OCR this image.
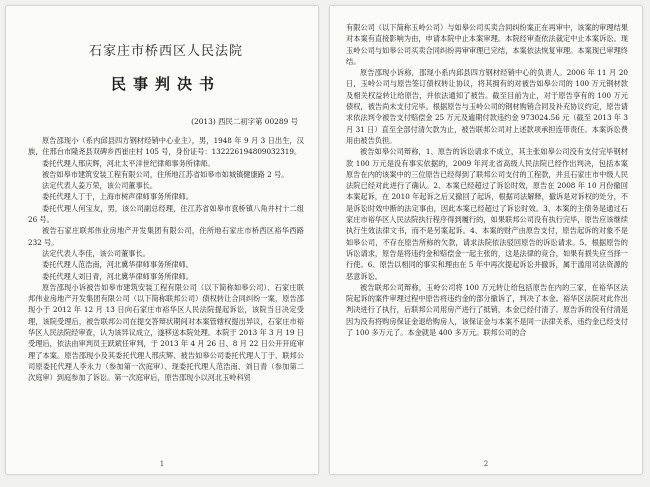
石家庄市桥西区人民法院
民事判决书
(2013) 西民二初字第 00289 号

原告邵现小（系内邱县四方钢材经销中心业主），男，1948 年 9 月 3 日出生，汉族，住邢台市隆尧县双碑乡西崔庄村 105 号，身份证号：132226194809032319。

委托代理人邢庆辉，河北太平洋世纪律师事务所律师。

被告如皋市建筑安装工程有限公司，住所地江苏省如皋市如城镇健康路 2 号。

法定代表人姜万荣，该公司董事长。

委托代理人丁于，上海市树声律师事务所律师。

委托代理人何宝友，男，该公司副总经理，住江苏省如皋市袁桥镇八角井村十二组 26 号。

被告石家庄联邦伟业房地产开发集团有限公司，住所地石家庄市桥西区裕华西路 232 号。

法定代表人李佳，该公司董事长。

委托代理人范浩南，河北冀华律师事务所律师。

委托代理人刘日青，河北冀华律师事务所律师。

原告邵现小诉被告如皋市建筑安装工程有限公司（以下简称如皋公司）、石家庄联邦伟业房地产开发集团有限公司（以下简称联邦公司）债权转让合同纠纷一案，原告邵现小于 2012 年 12 月 13 日向石家庄市裕华区人民法院提起诉讼，该院当日决定受理，该院受理后，被告联邦公司在提交答辩状期间对本案管辖权提出异议，石家庄市裕华区人民法院经审查，认为该异议成立，遂移送本院处理。本院于 2013 年 3 月 19 日受理后，依法由审判员王跃斌任审判，于 2013 年 4 月 26 日、8 月 22 日公开开庭审理了本案。原告邵现小及其委托代理人邢庆辉、被告如皋公司委托代理人丁于、联邦公司原委托代理人李永力（参加第一次庭审）、现委托代理人范浩南、刘日青（参加第二次庭审）到庭参加了诉讼。第一次庭审后，原告邵现小以河北玉岭科贸

1

有限公司（以下简称玉岭公司）与如皋公司买卖合同纠纷案正在再审中，该案的审理结果对本案有直接影响为由，申请本院中止本案审理。本院经审查依法裁定中止本案诉讼。现玉岭公司与如皋公司买卖合同纠纷再审审理已完结，本案依法恢复审理。本案现已审理终结。

原告邵现小诉称，邵现小系内邱县四方钢材经销中心的负责人。2006 年 11 月 20 日，玉岭公司与原告签订债权转让协议，将其拥有的对被告如皋公司的 100 万元钢材款及相关权益转让给原告，并依法通知了被告。截至目前为止，对于原告享有的 100 万元债权，被告尚未支付完毕。根据原告与玉岭公司的钢材购销合同及补充协议约定，原告请求依法判令被告支付赔偿金 25 万元及逾期付款违约金 973024.56 元（截至 2013 年 3 月 31 日）直至全部付清欠款为止，被告联邦公司对上述款项承担连带责任。本案诉讼费用由被告负担。

被告如皋公司辩称，1、原告的诉讼请求不成立，其主张如皋公司没有支付完毕钢材款 100 万元是没有事实依据的，2009 年河北省高级人民法院已经作出判决，包括本案原告在内的该案中的三位原告已经得到了联邦公司支付的工程款，并且石家庄市中级人民法院已经对此进行了确认。2、本案已经超过了诉讼时效，原告在 2008 年 10 月份撤回本案起诉，在 2010 年起诉之后又撤回了起诉，根据司法解释，撤诉是对诉权的处分，不是诉讼时效中断的法定事由，因此本案已经超过了诉讼时效。3、本案的主债务是通过石家庄市裕华区人民法院执行程序得到履行的，如果联邦公司没有执行完毕，原告应该继续执行生效法律文书，而不是另案起诉。4、本案的财产由原告支付，原告起诉的对象不是如皋公司，不存在原告所称的欠款，请求法院依法驳回原告的诉讼请求。5、根据原告的诉讼请求，原告是将违约金和赔偿金一起主张的，这是法律的竞合，如果有损失应当择一行使。6、原告以相同的事实和理由在 5 年中再次提起诉讼并撤诉，属于滥用司法资源的恶意诉讼。

被告联邦公司辩称，玉岭公司将 100 万元转让给包括原告在内的三家，在裕华区法院起诉的案件审理过程中原告将违约金的部分撤诉了，判决了本金。裕华区法院对此作出判决进行了执行，后联邦公司用房产进行了抵销，本金已经付清了。原告诉的没有付清是因为没有将购房保证金退给购房人，该保证金与本案不是同一法律关系，违约金已经支付了 100 多万元了。本金就是 400 多万元。联邦公司的合

2
